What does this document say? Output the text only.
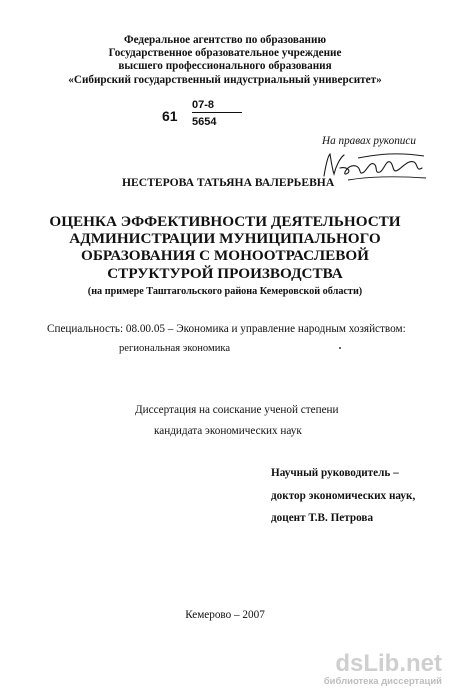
Федеральное агентство по образованию
Государственное образовательное учреждение
высшего профессионального образования
«Сибирский государственный индустриальный университет»
61
07-8
5654
На правах рукописи
НЕСТЕРОВА ТАТЬЯНА ВАЛЕРЬЕВНА
ОЦЕНКА ЭФФЕКТИВНОСТИ ДЕЯТЕЛЬНОСТИ
АДМИНИСТРАЦИИ МУНИЦИПАЛЬНОГО
ОБРАЗОВАНИЯ С МОНООТРАСЛЕВОЙ
СТРУКТУРОЙ ПРОИЗВОДСТВА
(на примере Таштагольского района Кемеровской области)
Специальность: 08.00.05 – Экономика и управление народным хозяйством:
региональная экономика
Диссертация на соискание ученой степени
кандидата экономических наук
Научный руководитель –
доктор экономических наук,
доцент Т.В. Петрова
Кемерово – 2007
dsLib.net
библиотека диссертаций
